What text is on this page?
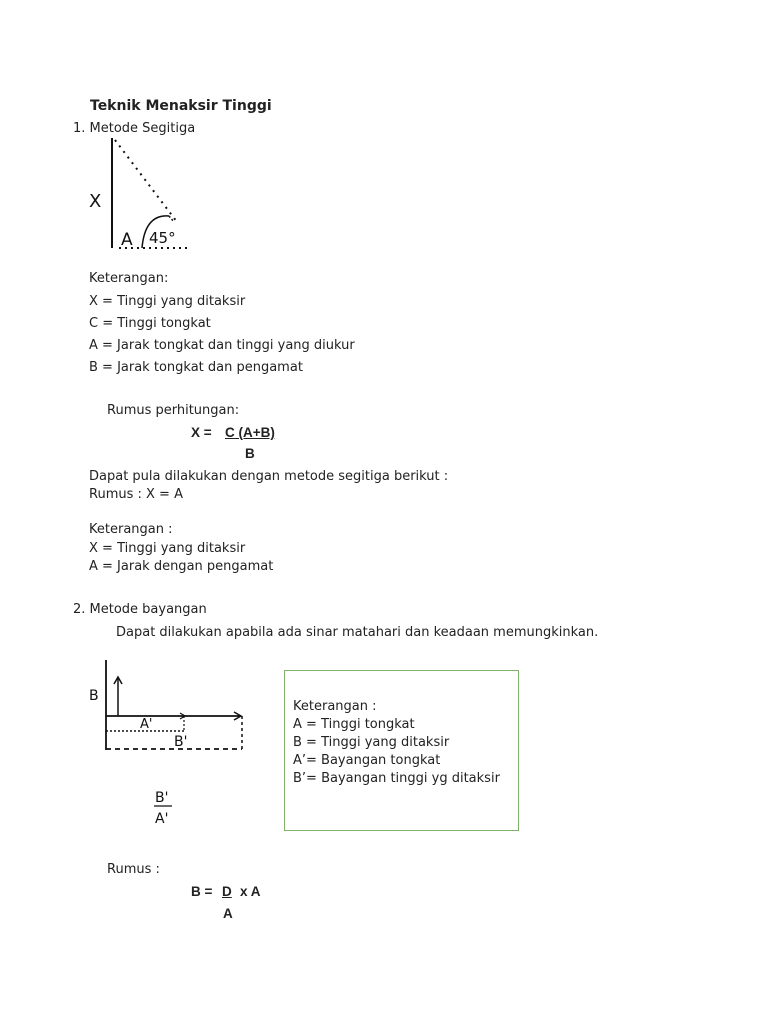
Teknik Menaksir Tinggi
1. Metode Segitiga
X
A 45°
Keterangan:
X = Tinggi yang ditaksir
C = Tinggi tongkat
A = Jarak tongkat dan tinggi yang diukur
B = Jarak tongkat dan pengamat
Rumus perhitungan:
X = C (A+B)
B
Dapat pula dilakukan dengan metode segitiga berikut :
Rumus : X = A
Keterangan :
X = Tinggi yang ditaksir
A = Jarak dengan pengamat
2. Metode bayangan
Dapat dilakukan apabila ada sinar matahari dan keadaan memungkinkan.
B
A'
B'
B'
A'
Keterangan :
A = Tinggi tongkat
B = Tinggi yang ditaksir
A’= Bayangan tongkat
B’= Bayangan tinggi yg ditaksir
Rumus :
B = D x A
A
